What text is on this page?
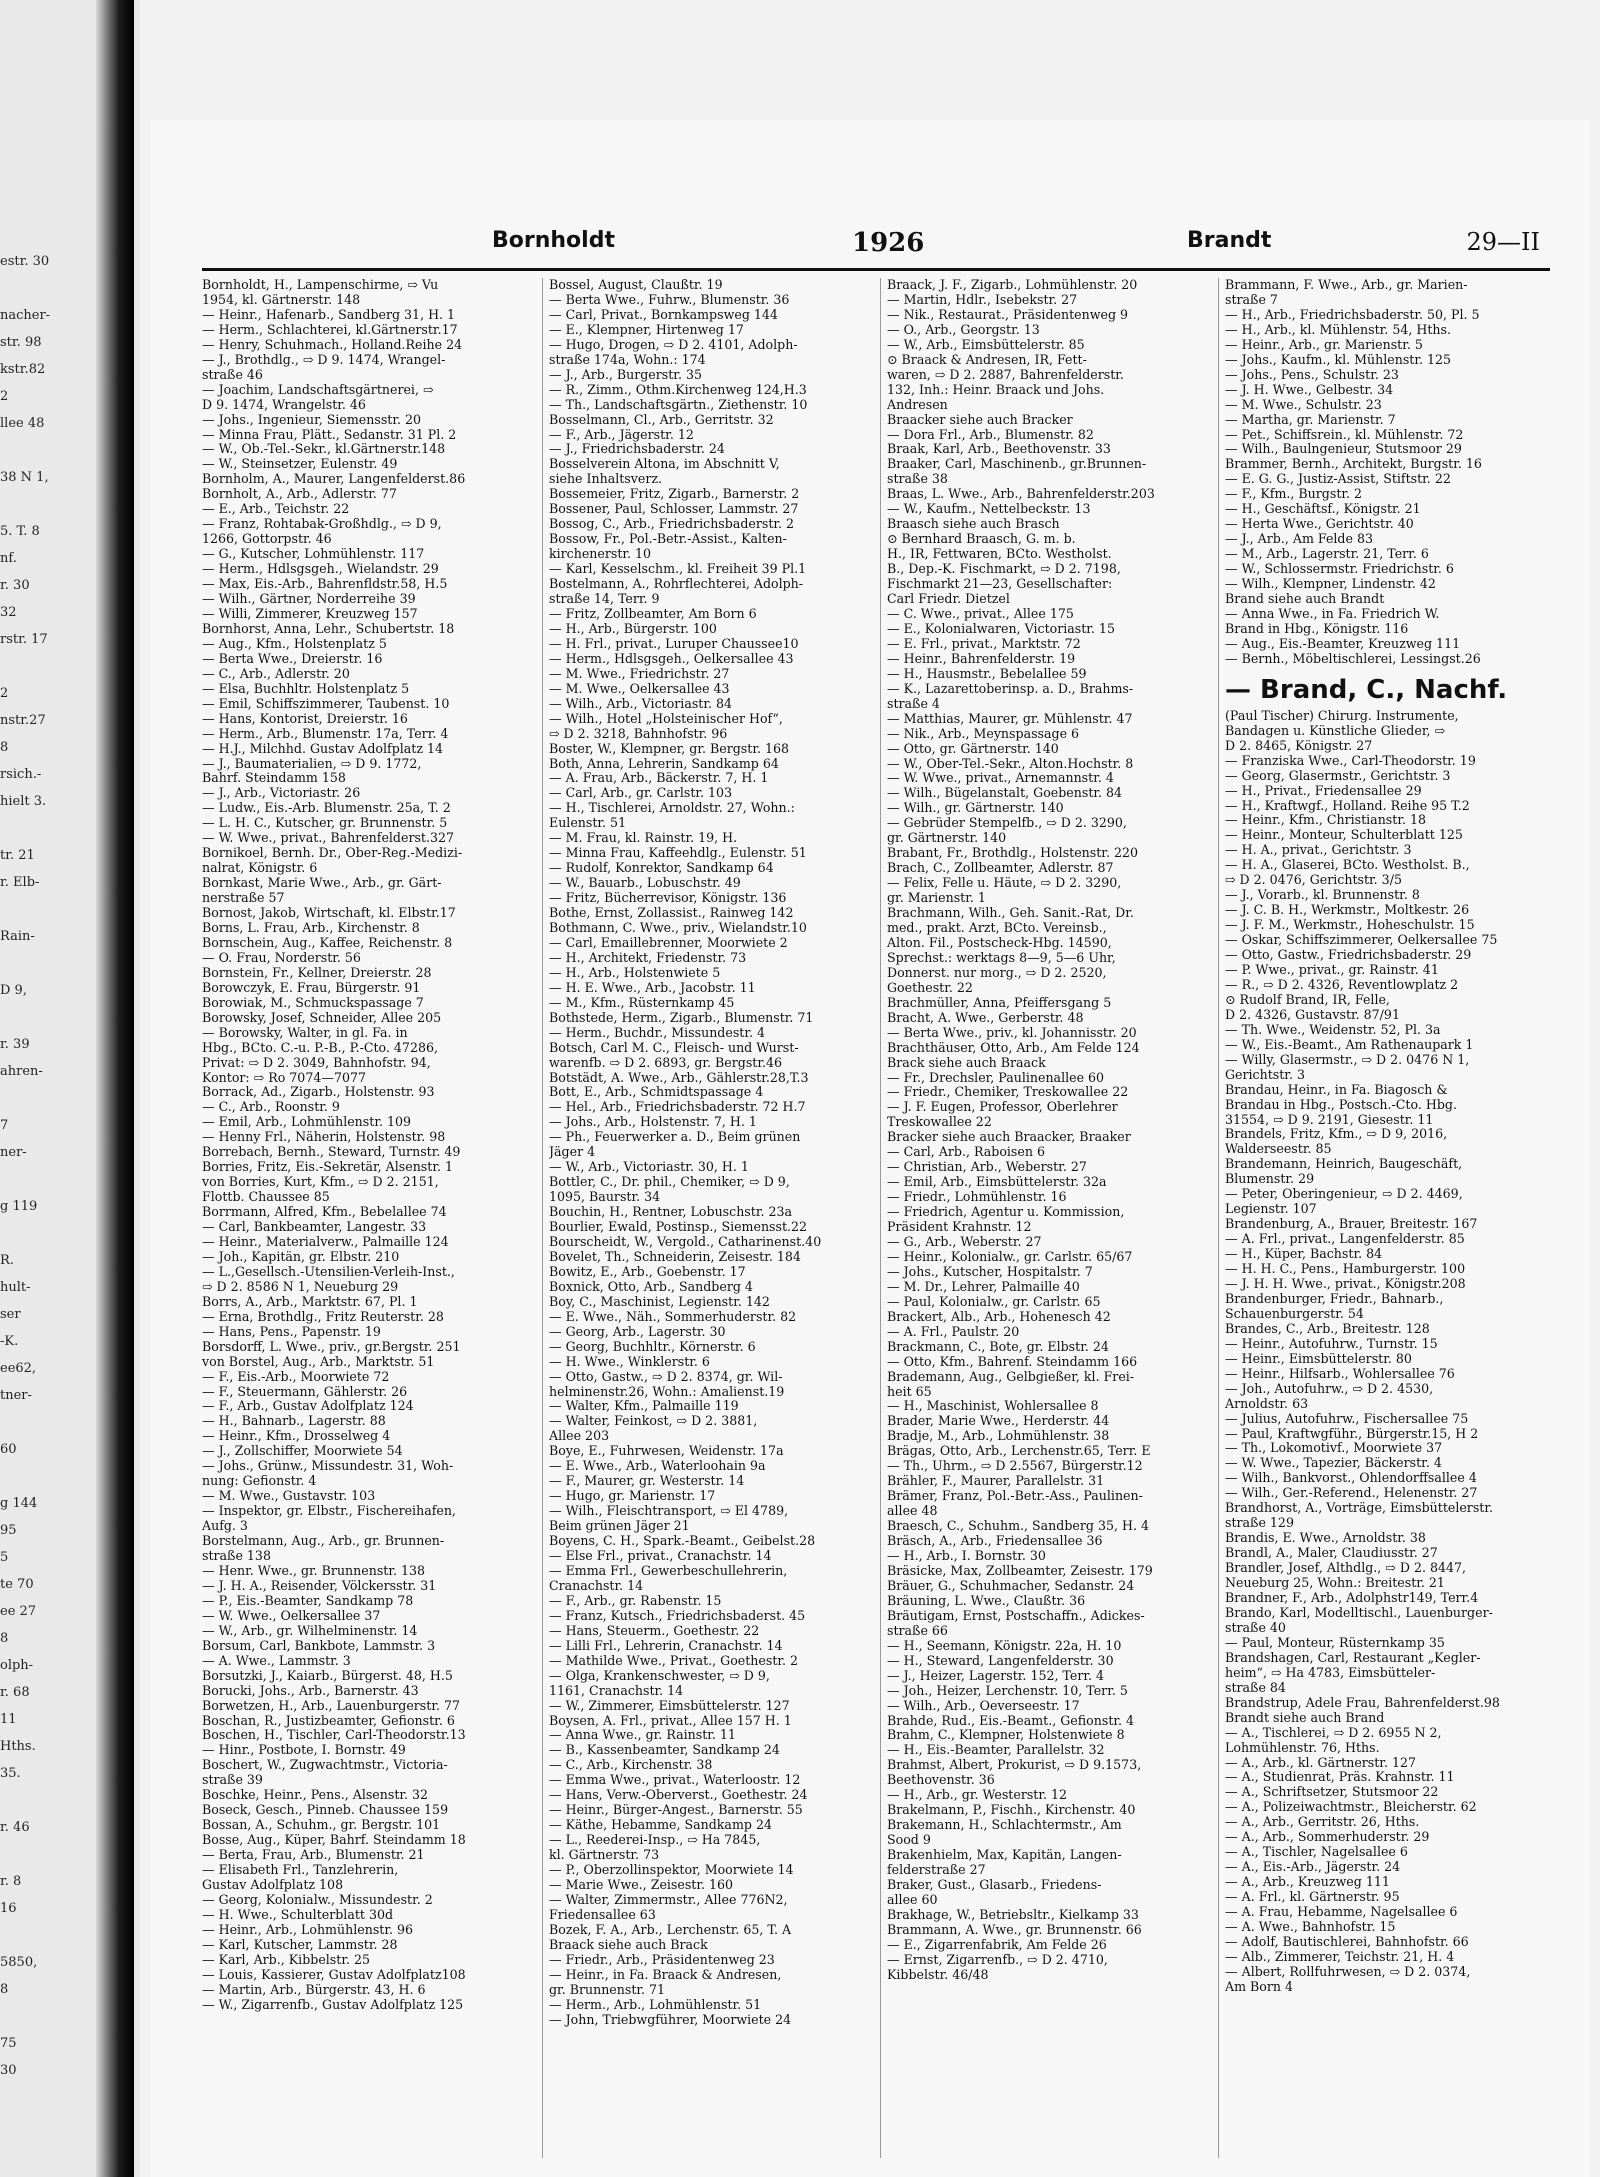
estr. 30

nacher-
str. 98
kstr.82
2
llee 48

38 N 1,

5. T. 8
nf.
r. 30
32
rstr. 17

2
nstr.27
8
rsich.-
hielt 3.

tr. 21
r. Elb-

Rain-

D 9,

r. 39
ahren-

7
ner-

g 119

R.
hult-
ser
-K.
ee62,
tner-

60

g 144
95
5
te 70
ee 27
8
olph-
r. 68
11
Hths.
35.

r. 46

r. 8
16

5850,
8

75
30
Bornholdt	1926	Brandt	29—II
Bornholdt, H., Lampenschirme, ⇨ Vu
1954, kl. Gärtnerstr. 148
— Heinr., Hafenarb., Sandberg 31, H. 1
— Herm., Schlachterei, kl.Gärtnerstr.17
— Henry, Schuhmach., Holland.Reihe 24
— J., Brothdlg., ⇨ D 9. 1474, Wrangel-
straße 46
— Joachim, Landschaftsgärtnerei, ⇨
D 9. 1474, Wrangelstr. 46
— Johs., Ingenieur, Siemensstr. 20
— Minna Frau, Plätt., Sedanstr. 31 Pl. 2
— W., Ob.-Tel.-Sekr., kl.Gärtnerstr.148
— W., Steinsetzer, Eulenstr. 49
Bornholm, A., Maurer, Langenfelderst.86
Bornholt, A., Arb., Adlerstr. 77
— E., Arb., Teichstr. 22
— Franz, Rohtabak-Großhdlg., ⇨ D 9,
1266, Gottorpstr. 46
— G., Kutscher, Lohmühlenstr. 117
— Herm., Hdlsgsgeh., Wielandstr. 29
— Max, Eis.-Arb., Bahrenfldstr.58, H.5
— Wilh., Gärtner, Norderreihe 39
— Willi, Zimmerer, Kreuzweg 157
Bornhorst, Anna, Lehr., Schubertstr. 18
— Aug., Kfm., Holstenplatz 5
— Berta Wwe., Dreierstr. 16
— C., Arb., Adlerstr. 20
— Elsa, Buchhltr. Holstenplatz 5
— Emil, Schiffszimmerer, Taubenst. 10
— Hans, Kontorist, Dreierstr. 16
— Herm., Arb., Blumenstr. 17a, Terr. 4
— H.J., Milchhd. Gustav Adolfplatz 14
— J., Baumaterialien, ⇨ D 9. 1772,
Bahrf. Steindamm 158
— J., Arb., Victoriastr. 26
— Ludw., Eis.-Arb. Blumenstr. 25a, T. 2
— L. H. C., Kutscher, gr. Brunnenstr. 5
— W. Wwe., privat., Bahrenfelderst.327
Bornikoel, Bernh. Dr., Ober-Reg.-Medizi-
nalrat, Königstr. 6
Bornkast, Marie Wwe., Arb., gr. Gärt-
nerstraße 57
Bornost, Jakob, Wirtschaft, kl. Elbstr.17
Borns, L. Frau, Arb., Kirchenstr. 8
Bornschein, Aug., Kaffee, Reichenstr. 8
— O. Frau, Norderstr. 56
Bornstein, Fr., Kellner, Dreierstr. 28
Borowczyk, E. Frau, Bürgerstr. 91
Borowiak, M., Schmuckspassage 7
Borowsky, Josef, Schneider, Allee 205
— Borowsky, Walter, in gl. Fa. in
Hbg., BCto. C.-u. P.-B., P.-Cto. 47286,
Privat: ⇨ D 2. 3049, Bahnhofstr. 94,
Kontor: ⇨ Ro 7074—7077
Borrack, Ad., Zigarb., Holstenstr. 93
— C., Arb., Roonstr. 9
— Emil, Arb., Lohmühlenstr. 109
— Henny Frl., Näherin, Holstenstr. 98
Borrebach, Bernh., Steward, Turnstr. 49
Borries, Fritz, Eis.-Sekretär, Alsenstr. 1
von Borries, Kurt, Kfm., ⇨ D 2. 2151,
Flottb. Chaussee 85
Borrmann, Alfred, Kfm., Bebelallee 74
— Carl, Bankbeamter, Langestr. 33
— Heinr., Materialverw., Palmaille 124
— Joh., Kapitän, gr. Elbstr. 210
— L.,Gesellsch.-Utensilien-Verleih-Inst.,
⇨ D 2. 8586 N 1, Neueburg 29
Borrs, A., Arb., Marktstr. 67, Pl. 1
— Erna, Brothdlg., Fritz Reuterstr. 28
— Hans, Pens., Papenstr. 19
Borsdorff, L. Wwe., priv., gr.Bergstr. 251
von Borstel, Aug., Arb., Marktstr. 51
— F., Eis.-Arb., Moorwiete 72
— F., Steuermann, Gählerstr. 26
— F., Arb., Gustav Adolfplatz 124
— H., Bahnarb., Lagerstr. 88
— Heinr., Kfm., Drosselweg 4
— J., Zollschiffer, Moorwiete 54
— Johs., Grünw., Missundestr. 31, Woh-
nung: Gefionstr. 4
— M. Wwe., Gustavstr. 103
— Inspektor, gr. Elbstr., Fischereihafen,
Aufg. 3
Borstelmann, Aug., Arb., gr. Brunnen-
straße 138
— Henr. Wwe., gr. Brunnenstr. 138
— J. H. A., Reisender, Völckersstr. 31
— P., Eis.-Beamter, Sandkamp 78
— W. Wwe., Oelkersallee 37
— W., Arb., gr. Wilhelminenstr. 14
Borsum, Carl, Bankbote, Lammstr. 3
— A. Wwe., Lammstr. 3
Borsutzki, J., Kaiarb., Bürgerst. 48, H.5
Borucki, Johs., Arb., Barnerstr. 43
Borwetzen, H., Arb., Lauenburgerstr. 77
Boschan, R., Justizbeamter, Gefionstr. 6
Boschen, H., Tischler, Carl-Theodorstr.13
— Hinr., Postbote, I. Bornstr. 49
Boschert, W., Zugwachtmstr., Victoria-
straße 39
Boschke, Heinr., Pens., Alsenstr. 32
Boseck, Gesch., Pinneb. Chaussee 159
Bossan, A., Schuhm., gr. Bergstr. 101
Bosse, Aug., Küper, Bahrf. Steindamm 18
— Berta, Frau, Arb., Blumenstr. 21
— Elisabeth Frl., Tanzlehrerin,
Gustav Adolfplatz 108
— Georg, Kolonialw., Missundestr. 2
— H. Wwe., Schulterblatt 30d
— Heinr., Arb., Lohmühlenstr. 96
— Karl, Kutscher, Lammstr. 28
— Karl, Arb., Kibbelstr. 25
— Louis, Kassierer, Gustav Adolfplatz108
— Martin, Arb., Bürgerstr. 43, H. 6
— W., Zigarrenfb., Gustav Adolfplatz 125
Bossel, August, Claußtr. 19
— Berta Wwe., Fuhrw., Blumenstr. 36
— Carl, Privat., Bornkampsweg 144
— E., Klempner, Hirtenweg 17
— Hugo, Drogen, ⇨ D 2. 4101, Adolph-
straße 174a, Wohn.: 174
— J., Arb., Burgerstr. 35
— R., Zimm., Othm.Kirchenweg 124,H.3
— Th., Landschaftsgärtn., Ziethenstr. 10
Bosselmann, Cl., Arb., Gerritstr. 32
— F., Arb., Jägerstr. 12
— J., Friedrichsbaderstr. 24
Bosselverein Altona, im Abschnitt V,
siehe Inhaltsverz.
Bossemeier, Fritz, Zigarb., Barnerstr. 2
Bossener, Paul, Schlosser, Lammstr. 27
Bossog, C., Arb., Friedrichsbaderstr. 2
Bossow, Fr., Pol.-Betr.-Assist., Kalten-
kirchenerstr. 10
— Karl, Kesselschm., kl. Freiheit 39 Pl.1
Bostelmann, A., Rohrflechterei, Adolph-
straße 14, Terr. 9
— Fritz, Zollbeamter, Am Born 6
— H., Arb., Bürgerstr. 100
— H. Frl., privat., Luruper Chaussee10
— Herm., Hdlsgsgeh., Oelkersallee 43
— M. Wwe., Friedrichstr. 27
— M. Wwe., Oelkersallee 43
— Wilh., Arb., Victoriastr. 84
— Wilh., Hotel „Holsteinischer Hof“,
⇨ D 2. 3218, Bahnhofstr. 96
Boster, W., Klempner, gr. Bergstr. 168
Both, Anna, Lehrerin, Sandkamp 64
— A. Frau, Arb., Bäckerstr. 7, H. 1
— Carl, Arb., gr. Carlstr. 103
— H., Tischlerei, Arnoldstr. 27, Wohn.:
Eulenstr. 51
— M. Frau, kl. Rainstr. 19, H.
— Minna Frau, Kaffeehdlg., Eulenstr. 51
— Rudolf, Konrektor, Sandkamp 64
— W., Bauarb., Lobuschstr. 49
— Fritz, Bücherrevisor, Königstr. 136
Bothe, Ernst, Zollassist., Rainweg 142
Bothmann, C. Wwe., priv., Wielandstr.10
— Carl, Emaillebrenner, Moorwiete 2
— H., Architekt, Friedenstr. 73
— H., Arb., Holstenwiete 5
— H. E. Wwe., Arb., Jacobstr. 11
— M., Kfm., Rüsternkamp 45
Bothstede, Herm., Zigarb., Blumenstr. 71
— Herm., Buchdr., Missundestr. 4
Botsch, Carl M. C., Fleisch- und Wurst-
warenfb. ⇨ D 2. 6893, gr. Bergstr.46
Botstädt, A. Wwe., Arb., Gählerstr.28,T.3
Bott, E., Arb., Schmidtspassage 4
— Hel., Arb., Friedrichsbaderstr. 72 H.7
— Johs., Arb., Holstenstr. 7, H. 1
— Ph., Feuerwerker a. D., Beim grünen
Jäger 4
— W., Arb., Victoriastr. 30, H. 1
Bottler, C., Dr. phil., Chemiker, ⇨ D 9,
1095, Baurstr. 34
Bouchin, H., Rentner, Lobuschstr. 23a
Bourlier, Ewald, Postinsp., Siemensst.22
Bourscheidt, W., Vergold., Catharinenst.40
Bovelet, Th., Schneiderin, Zeisestr. 184
Bowitz, E., Arb., Goebenstr. 17
Boxnick, Otto, Arb., Sandberg 4
Boy, C., Maschinist, Legienstr. 142
— E. Wwe., Näh., Sommerhuderstr. 82
— Georg, Arb., Lagerstr. 30
— Georg, Buchhltr., Körnerstr. 6
— H. Wwe., Winklerstr. 6
— Otto, Gastw., ⇨ D 2. 8374, gr. Wil-
helminenstr.26, Wohn.: Amalienst.19
— Walter, Kfm., Palmaille 119
— Walter, Feinkost, ⇨ D 2. 3881,
Allee 203
Boye, E., Fuhrwesen, Weidenstr. 17a
— E. Wwe., Arb., Waterloohain 9a
— F., Maurer, gr. Westerstr. 14
— Hugo, gr. Marienstr. 17
— Wilh., Fleischtransport, ⇨ El 4789,
Beim grünen Jäger 21
Boyens, C. H., Spark.-Beamt., Geibelst.28
— Else Frl., privat., Cranachstr. 14
— Emma Frl., Gewerbeschullehrerin,
Cranachstr. 14
— F., Arb., gr. Rabenstr. 15
— Franz, Kutsch., Friedrichsbaderst. 45
— Hans, Steuerm., Goethestr. 22
— Lilli Frl., Lehrerin, Cranachstr. 14
— Mathilde Wwe., Privat., Goethestr. 2
— Olga, Krankenschwester, ⇨ D 9,
1161, Cranachstr. 14
— W., Zimmerer, Eimsbüttelerstr. 127
Boysen, A. Frl., privat., Allee 157 H. 1
— Anna Wwe., gr. Rainstr. 11
— B., Kassenbeamter, Sandkamp 24
— C., Arb., Kirchenstr. 38
— Emma Wwe., privat., Waterloostr. 12
— Hans, Verw.-Oberverst., Goethestr. 24
— Heinr., Bürger-Angest., Barnerstr. 55
— Käthe, Hebamme, Sandkamp 24
— L., Reederei-Insp., ⇨ Ha 7845,
kl. Gärtnerstr. 73
— P., Oberzollinspektor, Moorwiete 14
— Marie Wwe., Zeisestr. 160
— Walter, Zimmermstr., Allee 776N2,
Friedensallee 63
Bozek, F. A., Arb., Lerchenstr. 65, T. A
Braack siehe auch Brack
— Friedr., Arb., Präsidentenweg 23
— Heinr., in Fa. Braack & Andresen,
gr. Brunnenstr. 71
— Herm., Arb., Lohmühlenstr. 51
— John, Triebwgführer, Moorwiete 24
Braack, J. F., Zigarb., Lohmühlenstr. 20
— Martin, Hdlr., Isebekstr. 27
— Nik., Restaurat., Präsidentenweg 9
— O., Arb., Georgstr. 13
— W., Arb., Eimsbüttelerstr. 85
⊙ Braack & Andresen, IR, Fett-
waren, ⇨ D 2. 2887, Bahrenfelderstr.
132, Inh.: Heinr. Braack und Johs.
Andresen
Braacker siehe auch Bracker
— Dora Frl., Arb., Blumenstr. 82
Braak, Karl, Arb., Beethovenstr. 33
Braaker, Carl, Maschinenb., gr.Brunnen-
straße 38
Braas, L. Wwe., Arb., Bahrenfelderstr.203
— W., Kaufm., Nettelbeckstr. 13
Braasch siehe auch Brasch
⊙ Bernhard Braasch, G. m. b.
H., IR, Fettwaren, BCto. Westholst.
B., Dep.-K. Fischmarkt, ⇨ D 2. 7198,
Fischmarkt 21—23, Gesellschafter:
Carl Friedr. Dietzel
— C. Wwe., privat., Allee 175
— E., Kolonialwaren, Victoriastr. 15
— E. Frl., privat., Marktstr. 72
— Heinr., Bahrenfelderstr. 19
— H., Hausmstr., Bebelallee 59
— K., Lazarettoberinsp. a. D., Brahms-
straße 4
— Matthias, Maurer, gr. Mühlenstr. 47
— Nik., Arb., Meynspassage 6
— Otto, gr. Gärtnerstr. 140
— W., Ober-Tel.-Sekr., Alton.Hochstr. 8
— W. Wwe., privat., Arnemannstr. 4
— Wilh., Bügelanstalt, Goebenstr. 84
— Wilh., gr. Gärtnerstr. 140
— Gebrüder Stempelfb., ⇨ D 2. 3290,
gr. Gärtnerstr. 140
Brabant, Fr., Brothdlg., Holstenstr. 220
Brach, C., Zollbeamter, Adlerstr. 87
— Felix, Felle u. Häute, ⇨ D 2. 3290,
gr. Marienstr. 1
Brachmann, Wilh., Geh. Sanit.-Rat, Dr.
med., prakt. Arzt, BCto. Vereinsb.,
Alton. Fil., Postscheck-Hbg. 14590,
Sprechst.: werktags 8—9, 5—6 Uhr,
Donnerst. nur morg., ⇨ D 2. 2520,
Goethestr. 22
Brachmüller, Anna, Pfeiffersgang 5
Bracht, A. Wwe., Gerberstr. 48
— Berta Wwe., priv., kl. Johannisstr. 20
Brachthäuser, Otto, Arb., Am Felde 124
Brack siehe auch Braack
— Fr., Drechsler, Paulinenallee 60
— Friedr., Chemiker, Treskowallee 22
— J. F. Eugen, Professor, Oberlehrer
Treskowallee 22
Bracker siehe auch Braacker, Braaker
— Carl, Arb., Raboisen 6
— Christian, Arb., Weberstr. 27
— Emil, Arb., Eimsbüttelerstr. 32a
— Friedr., Lohmühlenstr. 16
— Friedrich, Agentur u. Kommission,
Präsident Krahnstr. 12
— G., Arb., Weberstr. 27
— Heinr., Kolonialw., gr. Carlstr. 65/67
— Johs., Kutscher, Hospitalstr. 7
— M. Dr., Lehrer, Palmaille 40
— Paul, Kolonialw., gr. Carlstr. 65
Brackert, Alb., Arb., Hohenesch 42
— A. Frl., Paulstr. 20
Brackmann, C., Bote, gr. Elbstr. 24
— Otto, Kfm., Bahrenf. Steindamm 166
Brademann, Aug., Gelbgießer, kl. Frei-
heit 65
— H., Maschinist, Wohlersallee 8
Brader, Marie Wwe., Herderstr. 44
Bradje, M., Arb., Lohmühlenstr. 38
Brägas, Otto, Arb., Lerchenstr.65, Terr. E
— Th., Uhrm., ⇨ D 2.5567, Bürgerstr.12
Brähler, F., Maurer, Parallelstr. 31
Brämer, Franz, Pol.-Betr.-Ass., Paulinen-
allee 48
Braesch, C., Schuhm., Sandberg 35, H. 4
Bräsch, A., Arb., Friedensallee 36
— H., Arb., I. Bornstr. 30
Bräsicke, Max, Zollbeamter, Zeisestr. 179
Bräuer, G., Schuhmacher, Sedanstr. 24
Bräuning, L. Wwe., Claußtr. 36
Bräutigam, Ernst, Postschaffn., Adickes-
straße 66
— H., Seemann, Königstr. 22a, H. 10
— H., Steward, Langenfelderstr. 30
— J., Heizer, Lagerstr. 152, Terr. 4
— Joh., Heizer, Lerchenstr. 10, Terr. 5
— Wilh., Arb., Oeverseestr. 17
Brahde, Rud., Eis.-Beamt., Gefionstr. 4
Brahm, C., Klempner, Holstenwiete 8
— H., Eis.-Beamter, Parallelstr. 32
Brahmst, Albert, Prokurist, ⇨ D 9.1573,
Beethovenstr. 36
— H., Arb., gr. Westerstr. 12
Brakelmann, P., Fischh., Kirchenstr. 40
Brakemann, H., Schlachtermstr., Am
Sood 9
Brakenhielm, Max, Kapitän, Langen-
felderstraße 27
Braker, Gust., Glasarb., Friedens-
allee 60
Brakhage, W., Betriebsltr., Kielkamp 33
Brammann, A. Wwe., gr. Brunnenstr. 66
— E., Zigarrenfabrik, Am Felde 26
— Ernst, Zigarrenfb., ⇨ D 2. 4710,
Kibbelstr. 46/48
Brammann, F. Wwe., Arb., gr. Marien-
straße 7
— H., Arb., Friedrichsbaderstr. 50, Pl. 5
— H., Arb., kl. Mühlenstr. 54, Hths.
— Heinr., Arb., gr. Marienstr. 5
— Johs., Kaufm., kl. Mühlenstr. 125
— Johs., Pens., Schulstr. 23
— J. H. Wwe., Gelbestr. 34
— M. Wwe., Schulstr. 23
— Martha, gr. Marienstr. 7
— Pet., Schiffsrein., kl. Mühlenstr. 72
— Wilh., Baulngenieur, Stutsmoor 29
Brammer, Bernh., Architekt, Burgstr. 16
— E. G. G., Justiz-Assist, Stiftstr. 22
— F., Kfm., Burgstr. 2
— H., Geschäftsf., Königstr. 21
— Herta Wwe., Gerichtstr. 40
— J., Arb., Am Felde 83
— M., Arb., Lagerstr. 21, Terr. 6
— W., Schlossermstr. Friedrichstr. 6
— Wilh., Klempner, Lindenstr. 42
Brand siehe auch Brandt
— Anna Wwe., in Fa. Friedrich W.
Brand in Hbg., Königstr. 116
— Aug., Eis.-Beamter, Kreuzweg 111
— Bernh., Möbeltischlerei, Lessingst.26
— Brand, C., Nachf.
(Paul Tischer) Chirurg. Instrumente,
Bandagen u. Künstliche Glieder, ⇨
D 2. 8465, Königstr. 27
— Franziska Wwe., Carl-Theodorstr. 19
— Georg, Glasermstr., Gerichtstr. 3
— H., Privat., Friedensallee 29
— H., Kraftwgf., Holland. Reihe 95 T.2
— Heinr., Kfm., Christianstr. 18
— Heinr., Monteur, Schulterblatt 125
— H. A., privat., Gerichtstr. 3
— H. A., Glaserei, BCto. Westholst. B.,
⇨ D 2. 0476, Gerichtstr. 3/5
— J., Vorarb., kl. Brunnenstr. 8
— J. C. B. H., Werkmstr., Moltkestr. 26
— J. F. M., Werkmstr., Hoheschulstr. 15
— Oskar, Schiffszimmerer, Oelkersallee 75
— Otto, Gastw., Friedrichsbaderstr. 29
— P. Wwe., privat., gr. Rainstr. 41
— R., ⇨ D 2. 4326, Reventlowplatz 2
⊙ Rudolf Brand, IR, Felle,
D 2. 4326, Gustavstr. 87/91
— Th. Wwe., Weidenstr. 52, Pl. 3a
— W., Eis.-Beamt., Am Rathenaupark 1
— Willy, Glasermstr., ⇨ D 2. 0476 N 1,
Gerichtstr. 3
Brandau, Heinr., in Fa. Biagosch &
Brandau in Hbg., Postsch.-Cto. Hbg.
31554, ⇨ D 9. 2191, Giesestr. 11
Brandels, Fritz, Kfm., ⇨ D 9, 2016,
Walderseestr. 85
Brandemann, Heinrich, Baugeschäft,
Blumenstr. 29
— Peter, Oberingenieur, ⇨ D 2. 4469,
Legienstr. 107
Brandenburg, A., Brauer, Breitestr. 167
— A. Frl., privat., Langenfelderstr. 85
— H., Küper, Bachstr. 84
— H. H. C., Pens., Hamburgerstr. 100
— J. H. H. Wwe., privat., Königstr.208
Brandenburger, Friedr., Bahnarb.,
Schauenburgerstr. 54
Brandes, C., Arb., Breitestr. 128
— Heinr., Autofuhrw., Turnstr. 15
— Heinr., Eimsbüttelerstr. 80
— Heinr., Hilfsarb., Wohlersallee 76
— Joh., Autofuhrw., ⇨ D 2. 4530,
Arnoldstr. 63
— Julius, Autofuhrw., Fischersallee 75
— Paul, Kraftwgführ., Bürgerstr.15, H 2
— Th., Lokomotivf., Moorwiete 37
— W. Wwe., Tapezier, Bäckerstr. 4
— Wilh., Bankvorst., Ohlendorffsallee 4
— Wilh., Ger.-Referend., Helenenstr. 27
Brandhorst, A., Vorträge, Eimsbüttelerstr.
straße 129
Brandis, E. Wwe., Arnoldstr. 38
Brandl, A., Maler, Claudiusstr. 27
Brandler, Josef, Althdlg., ⇨ D 2. 8447,
Neueburg 25, Wohn.: Breitestr. 21
Brandner, F., Arb., Adolphstr149, Terr.4
Brando, Karl, Modelltischl., Lauenburger-
straße 40
— Paul, Monteur, Rüsternkamp 35
Brandshagen, Carl, Restaurant „Kegler-
heim“, ⇨ Ha 4783, Eimsbütteler-
straße 84
Brandstrup, Adele Frau, Bahrenfelderst.98
Brandt siehe auch Brand
— A., Tischlerei, ⇨ D 2. 6955 N 2,
Lohmühlenstr. 76, Hths.
— A., Arb., kl. Gärtnerstr. 127
— A., Studienrat, Präs. Krahnstr. 11
— A., Schriftsetzer, Stutsmoor 22
— A., Polizeiwachtmstr., Bleicherstr. 62
— A., Arb., Gerritstr. 26, Hths.
— A., Arb., Sommerhuderstr. 29
— A., Tischler, Nagelsallee 6
— A., Eis.-Arb., Jägerstr. 24
— A., Arb., Kreuzweg 111
— A. Frl., kl. Gärtnerstr. 95
— A. Frau, Hebamme, Nagelsallee 6
— A. Wwe., Bahnhofstr. 15
— Adolf, Bautischlerei, Bahnhofstr. 66
— Alb., Zimmerer, Teichstr. 21, H. 4
— Albert, Rollfuhrwesen, ⇨ D 2. 0374,
Am Born 4
